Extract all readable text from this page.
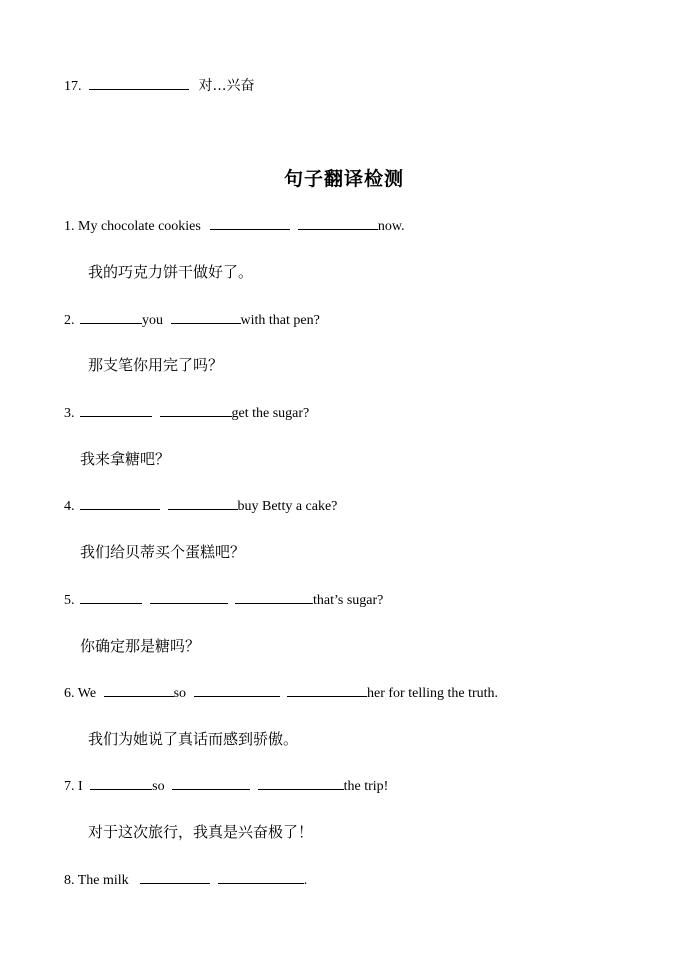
17.	对…兴奋
句子翻译检测
1. My chocolate cookies	now.
我的巧克力饼干做好了。
2.	you	with that pen?
那支笔你用完了吗？
3.	get the sugar?
我来拿糖吧？
4.	buy Betty a cake?
我们给贝蒂买个蛋糕吧？
5.	that’s sugar?
你确定那是糖吗？
6. We	so	her for telling the truth.
我们为她说了真话而感到骄傲。
7. I	so	the trip!
对于这次旅行，我真是兴奋极了！
8. The milk	.
